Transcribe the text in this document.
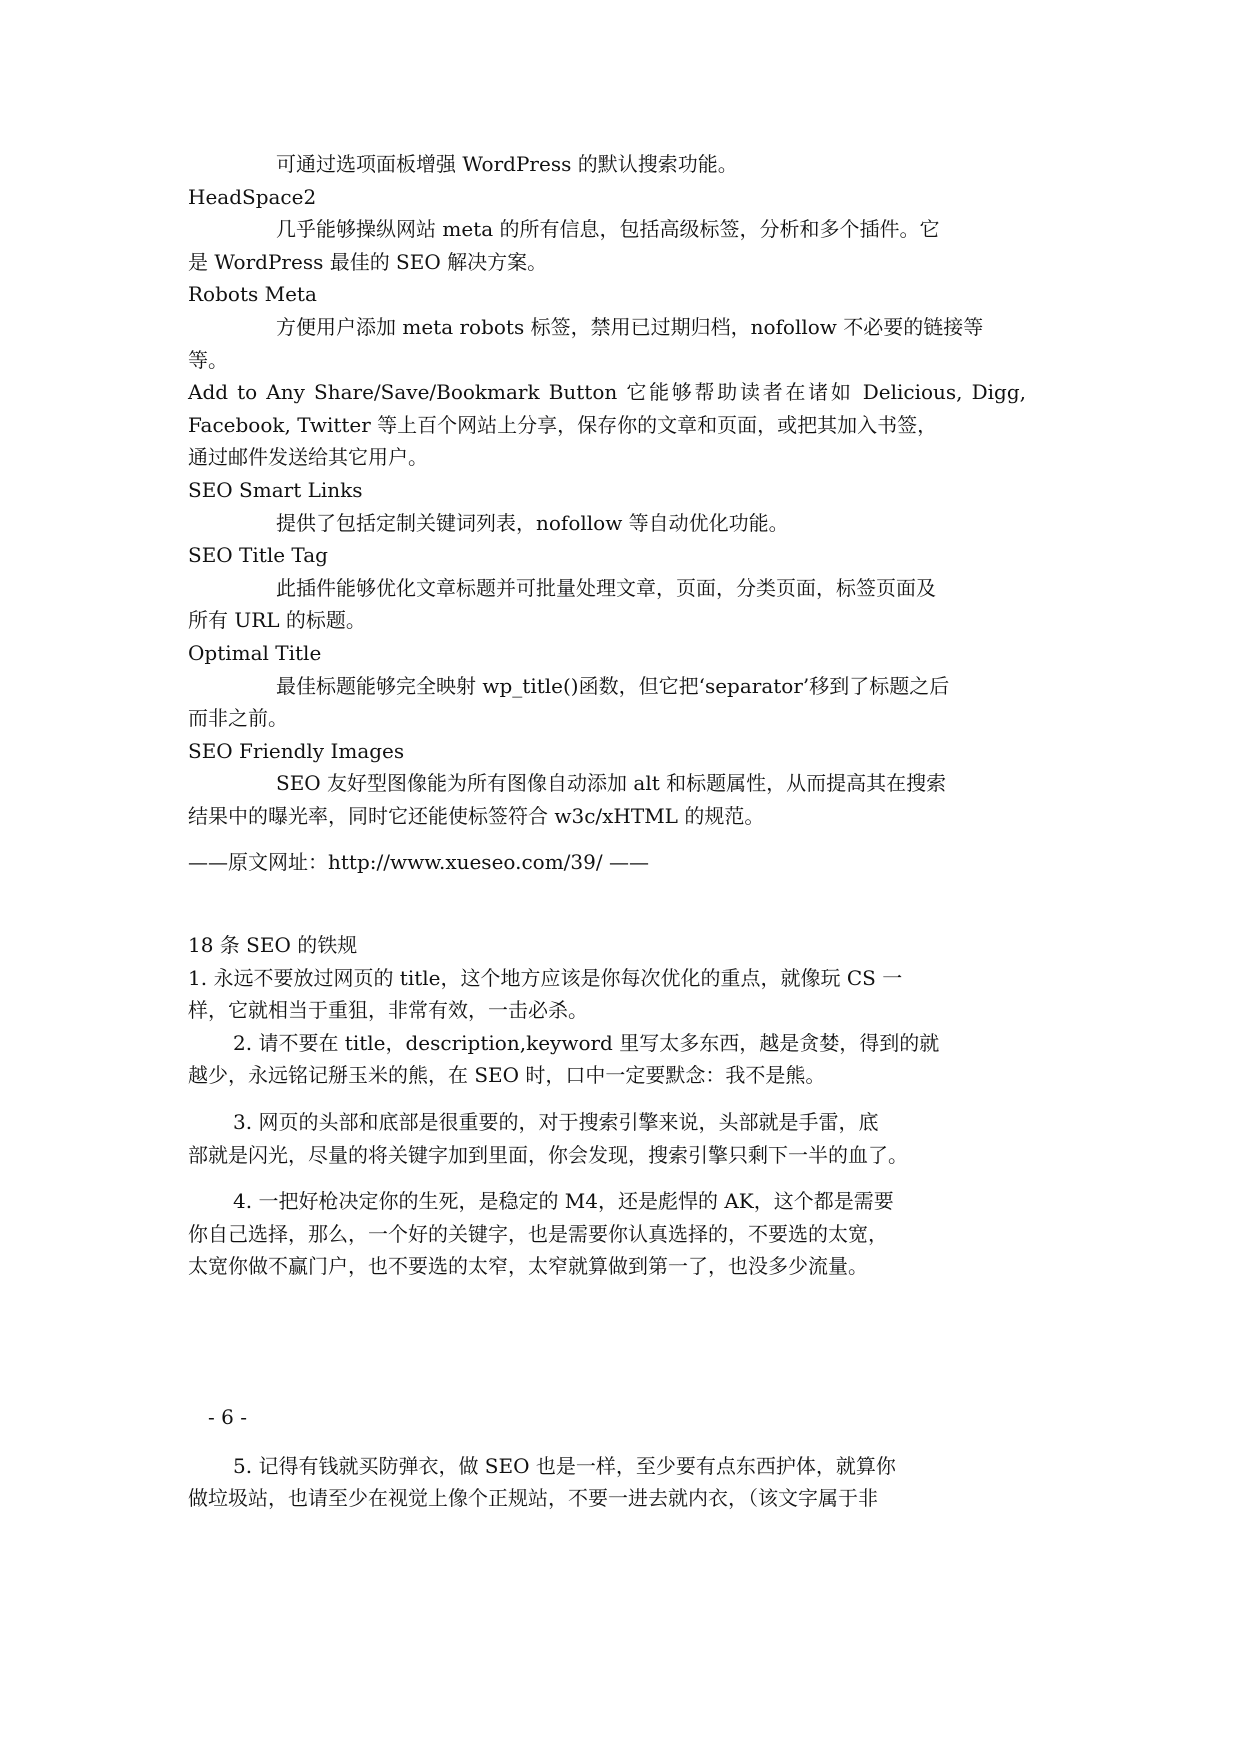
可通过选项面板增强 WordPress 的默认搜索功能。
HeadSpace2
几乎能够操纵网站 meta 的所有信息，包括高级标签，分析和多个插件。它
是 WordPress 最佳的 SEO 解决方案。
Robots Meta
方便用户添加 meta robots 标签，禁用已过期归档，nofollow 不必要的链接等
等。
Add to Any Share/Save/Bookmark Button 它能够帮助读者在诸如 Delicious, Digg,
Facebook, Twitter 等上百个网站上分享，保存你的文章和页面，或把其加入书签，
通过邮件发送给其它用户。
SEO Smart Links
提供了包括定制关键词列表，nofollow 等自动优化功能。
SEO Title Tag
此插件能够优化文章标题并可批量处理文章，页面，分类页面，标签页面及
所有 URL 的标题。
Optimal Title
最佳标题能够完全映射 wp_title()函数，但它把‘separator’移到了标题之后
而非之前。
SEO Friendly Images
SEO 友好型图像能为所有图像自动添加 alt 和标题属性，从而提高其在搜索
结果中的曝光率，同时它还能使标签符合 w3c/xHTML 的规范。
——原文网址：http://www.xueseo.com/39/ ——
18 条 SEO 的铁规
1. 永远不要放过网页的 title，这个地方应该是你每次优化的重点，就像玩 CS 一
样，它就相当于重狙，非常有效，一击必杀。
2. 请不要在 title，description,keyword 里写太多东西，越是贪婪，得到的就
越少，永远铭记掰玉米的熊，在 SEO 时，口中一定要默念：我不是熊。
3. 网页的头部和底部是很重要的，对于搜索引擎来说，头部就是手雷，底
部就是闪光，尽量的将关键字加到里面，你会发现，搜索引擎只剩下一半的血了。
4. 一把好枪决定你的生死，是稳定的 M4，还是彪悍的 AK，这个都是需要
你自己选择，那么，一个好的关键字，也是需要你认真选择的，不要选的太宽，
太宽你做不赢门户，也不要选的太窄，太窄就算做到第一了，也没多少流量。
- 6 -
5. 记得有钱就买防弹衣，做 SEO 也是一样，至少要有点东西护体，就算你
做垃圾站，也请至少在视觉上像个正规站，不要一进去就内衣，（该文字属于非
